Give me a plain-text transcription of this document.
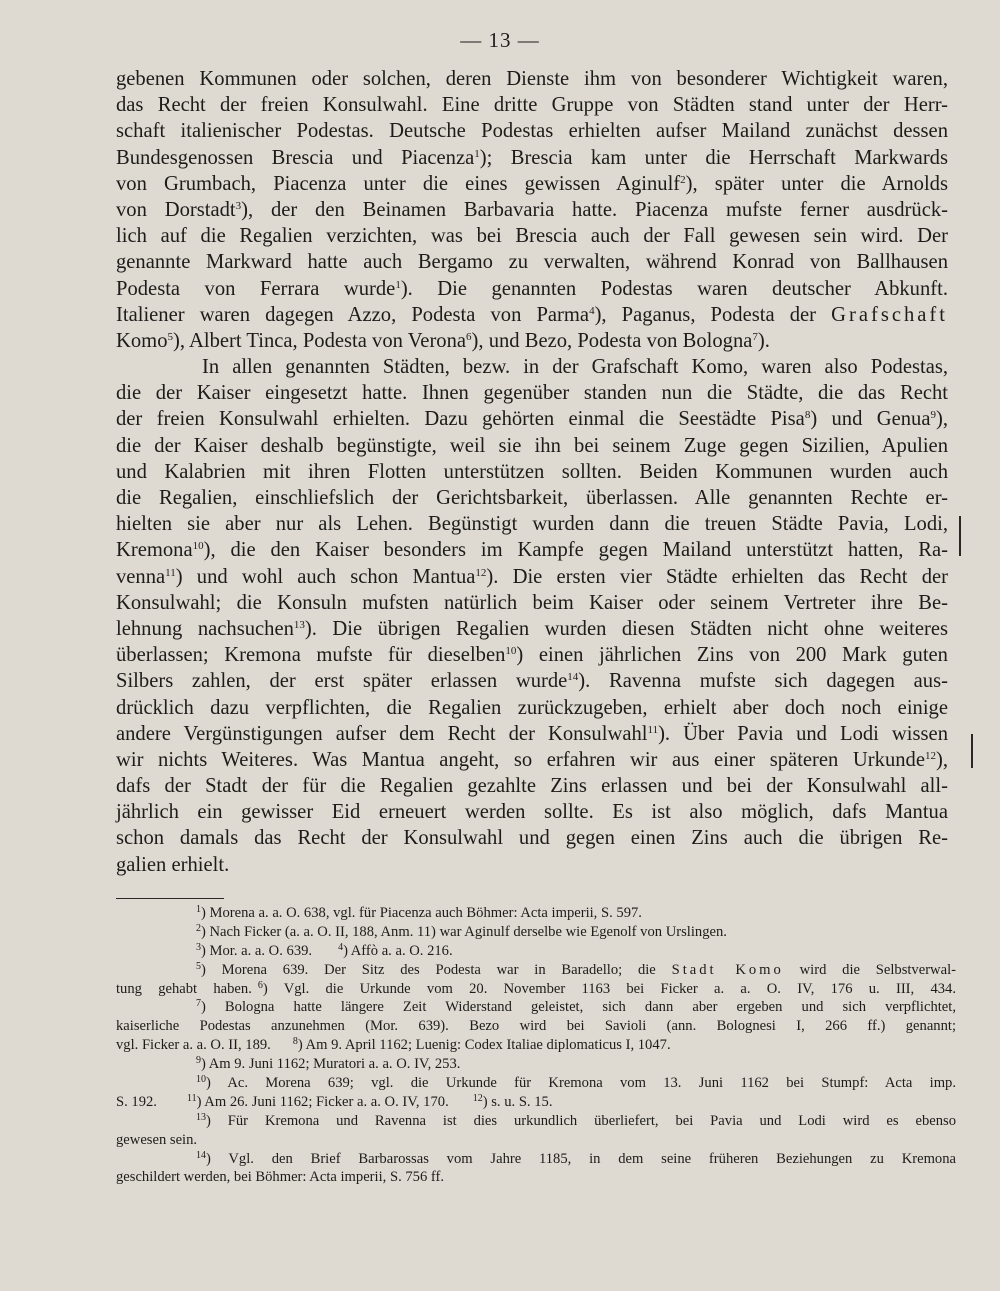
— 13 —
gebenen Kommunen oder solchen, deren Dienste ihm von besonderer Wichtigkeit waren,
das Recht der freien Konsulwahl. Eine dritte Gruppe von Städten stand unter der Herr-
schaft italienischer Podestas. Deutsche Podestas erhielten aufser Mailand zunächst dessen
Bundesgenossen Brescia und Piacenza$^1$); Brescia kam unter die Herrschaft Markwards
von Grumbach, Piacenza unter die eines gewissen Aginulf$^2$), später unter die Arnolds
von Dorstadt$^3$), der den Beinamen Barbavaria hatte. Piacenza mufste ferner ausdrück-
lich auf die Regalien verzichten, was bei Brescia auch der Fall gewesen sein wird. Der
genannte Markward hatte auch Bergamo zu verwalten, während Konrad von Ballhausen
Podesta von Ferrara wurde$^1$). Die genannten Podestas waren deutscher Abkunft.
Italiener waren dagegen Azzo, Podesta von Parma$^4$), Paganus, Podesta der Grafschaft
Komo$^5$), Albert Tinca, Podesta von Verona$^6$), und Bezo, Podesta von Bologna$^7$).
In allen genannten Städten, bezw. in der Grafschaft Komo, waren also Podestas,
die der Kaiser eingesetzt hatte. Ihnen gegenüber standen nun die Städte, die das Recht
der freien Konsulwahl erhielten. Dazu gehörten einmal die Seestädte Pisa$^8$) und Genua$^9$),
die der Kaiser deshalb begünstigte, weil sie ihn bei seinem Zuge gegen Sizilien, Apulien
und Kalabrien mit ihren Flotten unterstützen sollten. Beiden Kommunen wurden auch
die Regalien, einschliefslich der Gerichtsbarkeit, überlassen. Alle genannten Rechte er-
hielten sie aber nur als Lehen. Begünstigt wurden dann die treuen Städte Pavia, Lodi,
Kremona$^{10}$), die den Kaiser besonders im Kampfe gegen Mailand unterstützt hatten, Ra-
venna$^{11}$) und wohl auch schon Mantua$^{12}$). Die ersten vier Städte erhielten das Recht der
Konsulwahl; die Konsuln mufsten natürlich beim Kaiser oder seinem Vertreter ihre Be-
lehnung nachsuchen$^{13}$). Die übrigen Regalien wurden diesen Städten nicht ohne weiteres
überlassen; Kremona mufste für dieselben$^{10}$) einen jährlichen Zins von 200 Mark guten
Silbers zahlen, der erst später erlassen wurde$^{14}$). Ravenna mufste sich dagegen aus-
drücklich dazu verpflichten, die Regalien zurückzugeben, erhielt aber doch noch einige
andere Vergünstigungen aufser dem Recht der Konsulwahl$^{11}$). Über Pavia und Lodi wissen
wir nichts Weiteres. Was Mantua angeht, so erfahren wir aus einer späteren Urkunde$^{12}$),
dafs der Stadt der für die Regalien gezahlte Zins erlassen und bei der Konsulwahl all-
jährlich ein gewisser Eid erneuert werden sollte. Es ist also möglich, dafs Mantua
schon damals das Recht der Konsulwahl und gegen einen Zins auch die übrigen Re-
galien erhielt.
$^1$) Morena a. a. O. 638, vgl. für Piacenza auch Böhmer: Acta imperii, S. 597.
$^2$) Nach Ficker (a. a. O. II, 188, Anm. 11) war Aginulf derselbe wie Egenolf von Urslingen.
$^3$) Mor. a. a. O. 639.	$^4$) Affò a. a. O. 216.
$^5$) Morena 639. Der Sitz des Podesta war in Baradello; die Stadt Komo wird die Selbstverwal-
tung gehabt haben. $^6$) Vgl. die Urkunde vom 20. November 1163 bei Ficker a. a. O. IV, 176 u. III, 434.
$^7$) Bologna hatte längere Zeit Widerstand geleistet, sich dann aber ergeben und sich verpflichtet,
kaiserliche Podestas anzunehmen (Mor. 639). Bezo wird bei Savioli (ann. Bolognesi I, 266 ff.) genannt;
vgl. Ficker a. a. O. II, 189. $^8$) Am 9. April 1162; Luenig: Codex Italiae diplomaticus I, 1047.
$^9$) Am 9. Juni 1162; Muratori a. a. O. IV, 253.
$^{10}$) Ac. Morena 639; vgl. die Urkunde für Kremona vom 13. Juni 1162 bei Stumpf: Acta imp.
S. 192.	$^{11}$) Am 26. Juni 1162; Ficker a. a. O. IV, 170. $^{12}$) s. u. S. 15.
$^{13}$) Für Kremona und Ravenna ist dies urkundlich überliefert, bei Pavia und Lodi wird es ebenso
gewesen sein.
$^{14}$) Vgl. den Brief Barbarossas vom Jahre 1185, in dem seine früheren Beziehungen zu Kremona
geschildert werden, bei Böhmer: Acta imperii, S. 756 ff.
